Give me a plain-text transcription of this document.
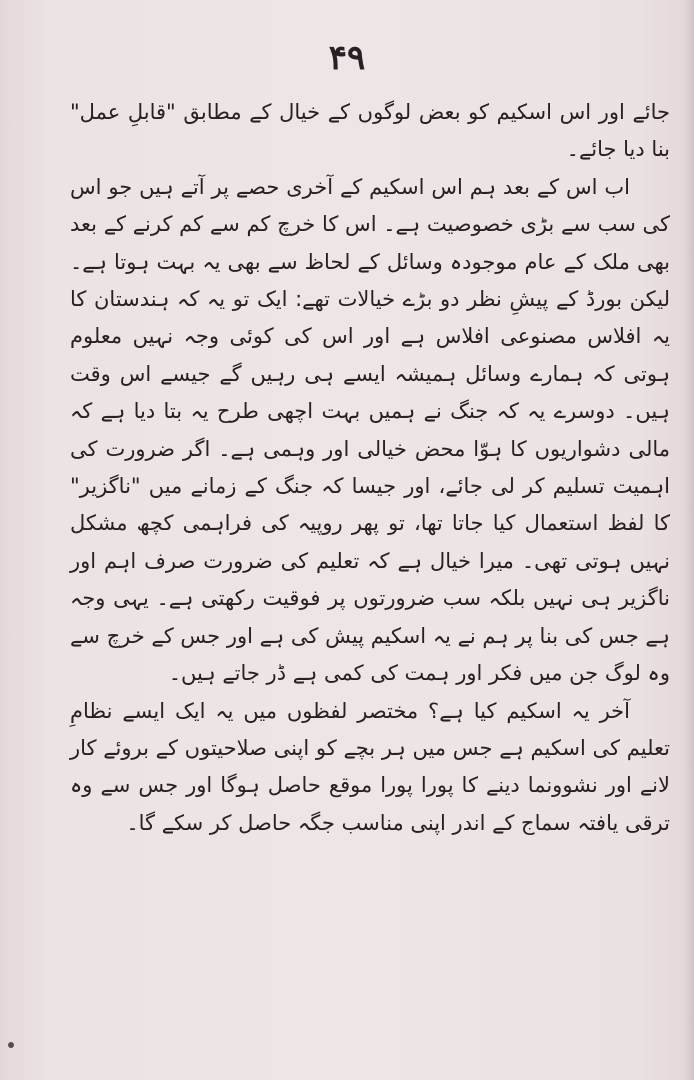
۴۹

جائے اور اس اسکیم کو بعض لوگوں کے خیال کے مطابق "قابلِ عمل" بنا دیا جائے۔

اب اس کے بعد ہم اس اسکیم کے آخری حصے پر آتے ہیں جو اس کی سب سے بڑی خصوصیت ہے۔ اس کا خرچ کم سے کم کرنے کے بعد بھی ملک کے عام موجودہ وسائل کے لحاظ سے بھی یہ بہت ہوتا ہے۔ لیکن بورڈ کے پیشِ نظر دو بڑے خیالات تھے: ایک تو یہ کہ ہندستان کا یہ افلاس مصنوعی افلاس ہے اور اس کی کوئی وجہ نہیں معلوم ہوتی کہ ہمارے وسائل ہمیشہ ایسے ہی رہیں گے جیسے اس وقت ہیں۔ دوسرے یہ کہ جنگ نے ہمیں بہت اچھی طرح یہ بتا دیا ہے کہ مالی دشواریوں کا ہوّا محض خیالی اور وہمی ہے۔ اگر ضرورت کی اہمیت تسلیم کر لی جائے، اور جیسا کہ جنگ کے زمانے میں "ناگزیر" کا لفظ استعمال کیا جاتا تھا، تو پھر روپیہ کی فراہمی کچھ مشکل نہیں ہوتی تھی۔ میرا خیال ہے کہ تعلیم کی ضرورت صرف اہم اور ناگزیر ہی نہیں بلکہ سب ضرورتوں پر فوقیت رکھتی ہے۔ یہی وجہ ہے جس کی بنا پر ہم نے یہ اسکیم پیش کی ہے اور جس کے خرچ سے وہ لوگ جن میں فکر اور ہمت کی کمی ہے ڈر جاتے ہیں۔

آخر یہ اسکیم کیا ہے؟ مختصر لفظوں میں یہ ایک ایسے نظامِ تعلیم کی اسکیم ہے جس میں ہر بچے کو اپنی صلاحیتوں کے بروئے کار لانے اور نشوونما دینے کا پورا پورا موقع حاصل ہوگا اور جس سے وہ ترقی یافتہ سماج کے اندر اپنی مناسب جگہ حاصل کر سکے گا۔
